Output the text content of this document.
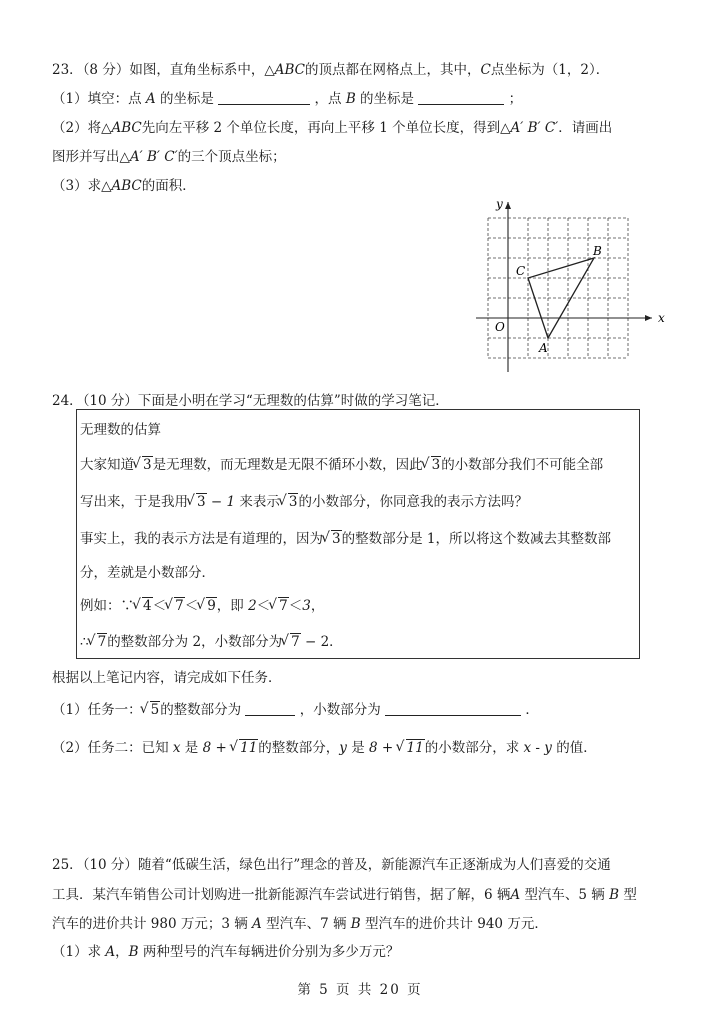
23．（8 分）如图，直角坐标系中，△ABC的顶点都在网格点上，其中，C点坐标为（1，2）．
（1）填空：点 A 的坐标是	，点 B 的坐标是	；
（2）将△ABC先向左平移 2 个单位长度，再向上平移 1 个单位长度，得到△A′ B′ C′．请画出
图形并写出△A′ B′ C′的三个顶点坐标；
（3）求△ABC的面积．
x
y
O
A
B
C
24．（10 分）下面是小明在学习“无理数的估算”时做的学习笔记．
无理数的估算
大家知道 √ 3是无理数，而无理数是无限不循环小数，因此 √ 3的小数部分我们不可能全部
写出来，于是我用 √ 3 − 1 来表示 √ 3的小数部分，你同意我的表示方法吗？
事实上，我的表示方法是有道理的，因为 √ 3的整数部分是 1，所以将这个数减去其整数部
分，差就是小数部分．
例如：∵ √ 4＜ √ 7＜ √ 9，即 2＜ √ 7＜3，
∴ √ 7的整数部分为 2，小数部分为 √ 7 − 2．
根据以上笔记内容，请完成如下任务．
（1）任务一： √ 5的整数部分为	，小数部分为	．
（2）任务二：已知 x 是 8 + √ 11的整数部分，y 是 8 + √ 11的小数部分，求 x - y 的值．
25．（10 分）随着“低碳生活，绿色出行”理念的普及，新能源汽车正逐渐成为人们喜爱的交通
工具．某汽车销售公司计划购进一批新能源汽车尝试进行销售，据了解，6 辆A 型汽车、5 辆 B 型
汽车的进价共计 980 万元；3 辆 A 型汽车、7 辆 B 型汽车的进价共计 940 万元．
（1）求 A，B 两种型号的汽车每辆进价分别为多少万元？
第 5 页 共 20 页
